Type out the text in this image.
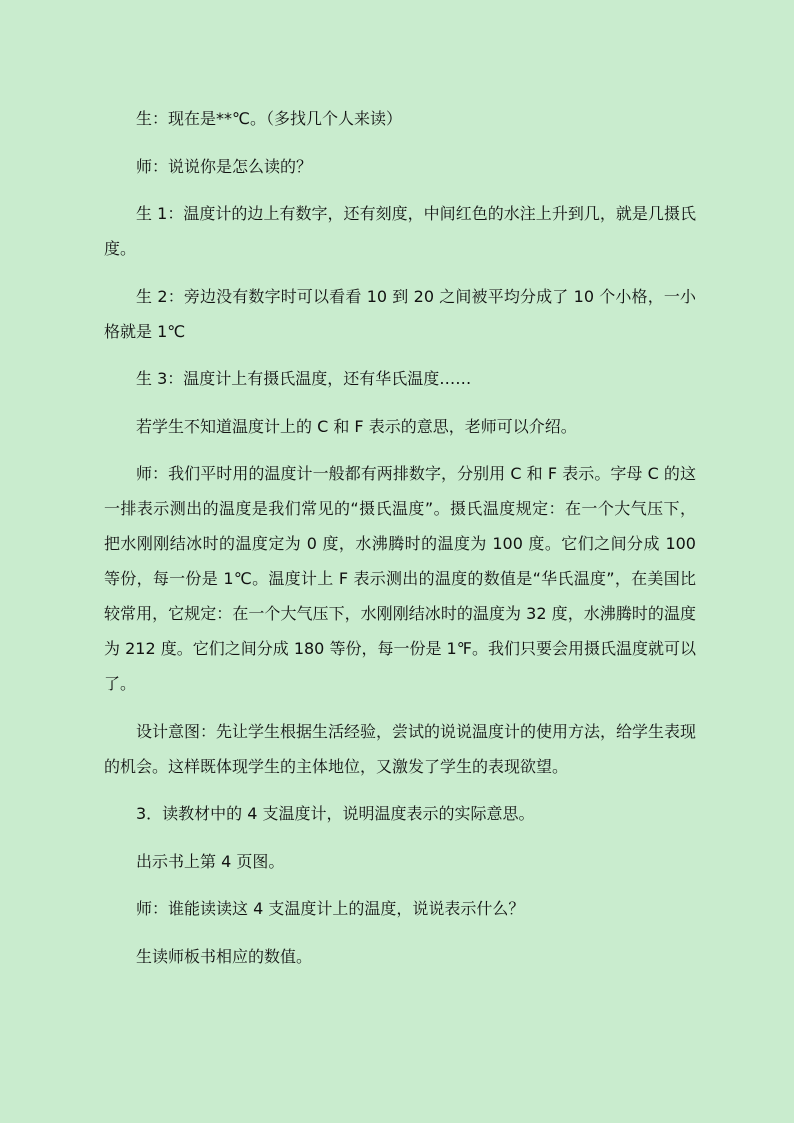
生：现在是**℃。（多找几个人来读）

师：说说你是怎么读的？

生 1：温度计的边上有数字，还有刻度，中间红色的水注上升到几，就是几摄氏度。

生 2：旁边没有数字时可以看看 10 到 20 之间被平均分成了 10 个小格，一小格就是 1℃

生 3：温度计上有摄氏温度，还有华氏温度……

若学生不知道温度计上的 C 和 F 表示的意思，老师可以介绍。

师：我们平时用的温度计一般都有两排数字，分别用 C 和 F 表示。字母 C 的这一排表示测出的温度是我们常见的“摄氏温度”。摄氏温度规定：在一个大气压下，把水刚刚结冰时的温度定为 0 度，水沸腾时的温度为 100 度。它们之间分成 100 等份，每一份是 1℃。温度计上 F 表示测出的温度的数值是“华氏温度”，在美国比较常用，它规定：在一个大气压下，水刚刚结冰时的温度为 32 度，水沸腾时的温度为 212 度。它们之间分成 180 等份，每一份是 1℉。我们只要会用摄氏温度就可以了。

设计意图：先让学生根据生活经验，尝试的说说温度计的使用方法，给学生表现的机会。这样既体现学生的主体地位，又激发了学生的表现欲望。

3．读教材中的 4 支温度计，说明温度表示的实际意思。

出示书上第 4 页图。

师：谁能读读这 4 支温度计上的温度，说说表示什么？

生读师板书相应的数值。
